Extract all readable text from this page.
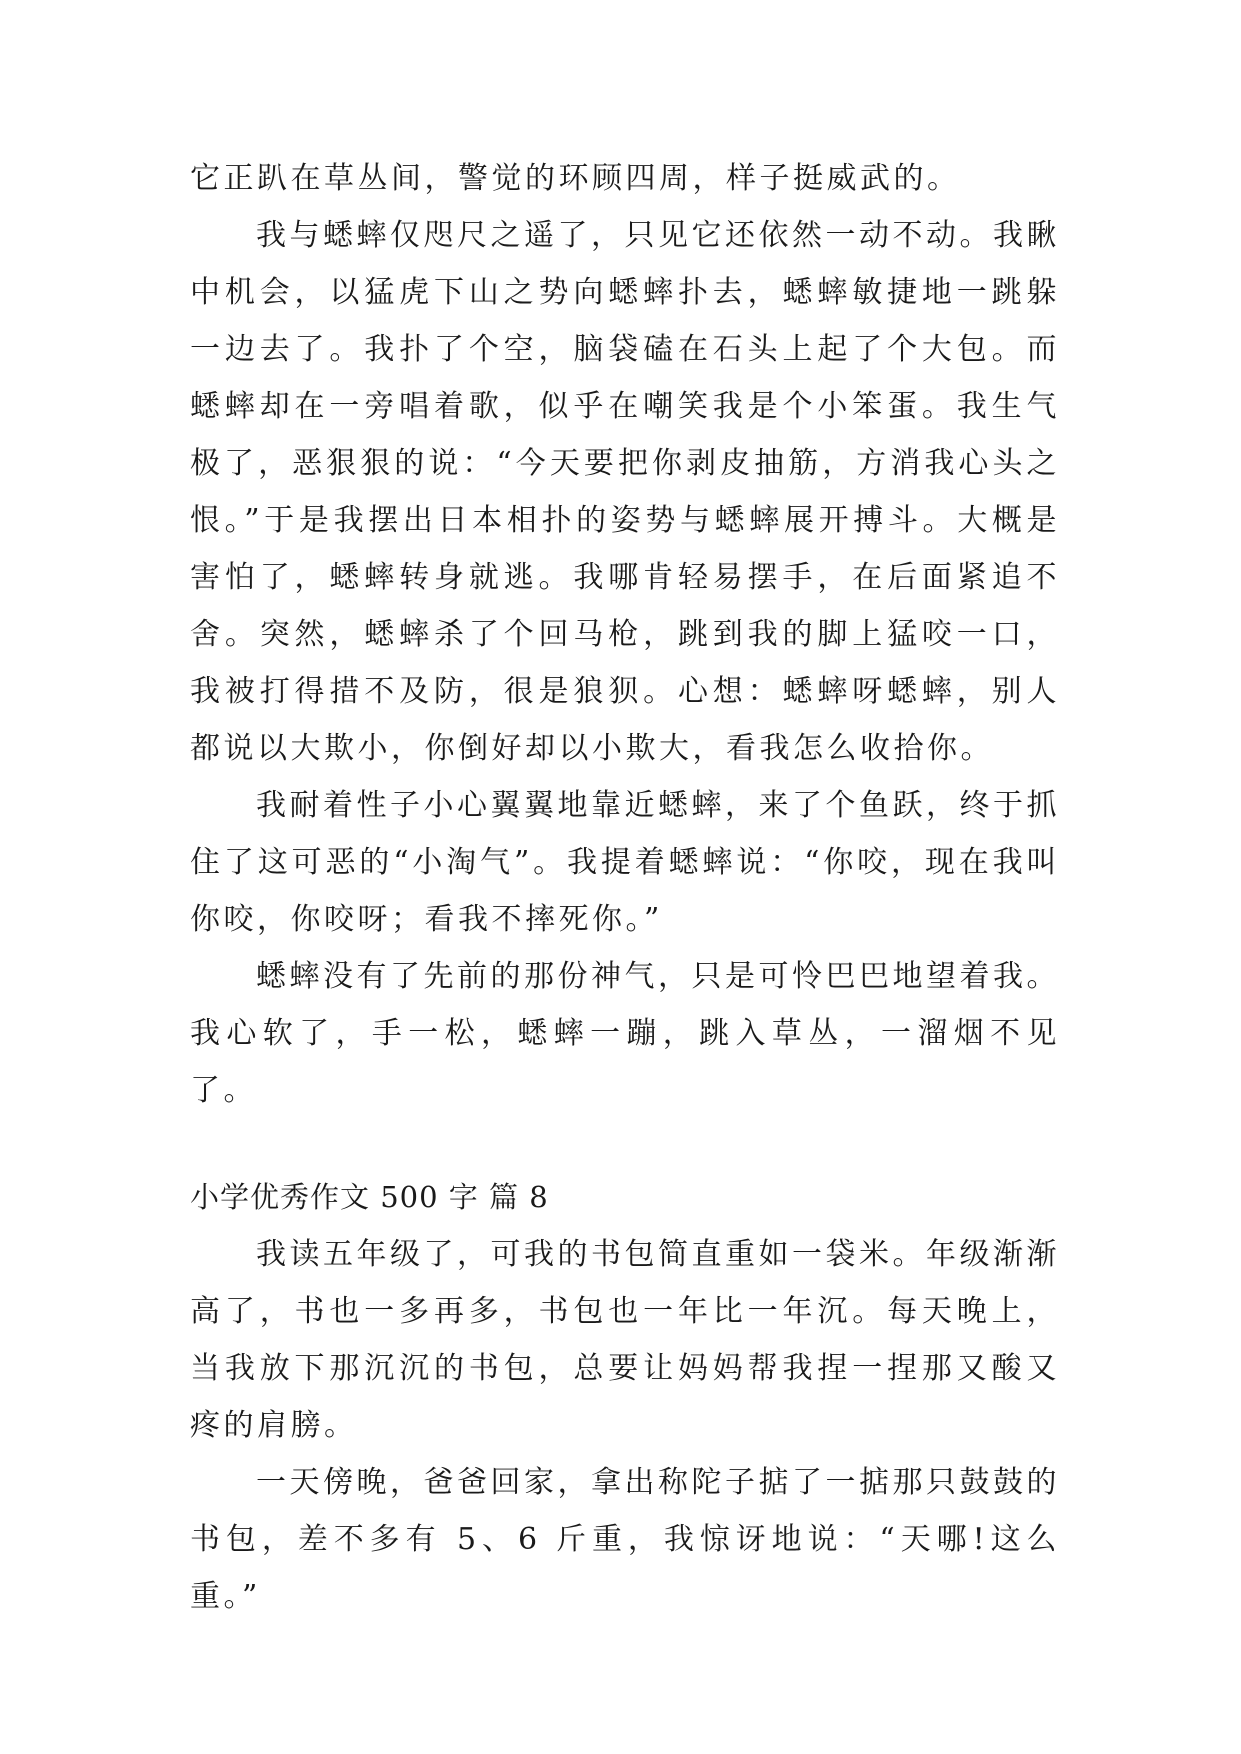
它正趴在草丛间，警觉的环顾四周，样子挺威武的。

我与蟋蟀仅咫尺之遥了，只见它还依然一动不动。我瞅中机会，以猛虎下山之势向蟋蟀扑去，蟋蟀敏捷地一跳躲一边去了。我扑了个空，脑袋磕在石头上起了个大包。而蟋蟀却在一旁唱着歌，似乎在嘲笑我是个小笨蛋。我生气极了，恶狠狠的说：“今天要把你剥皮抽筋，方消我心头之恨。”于是我摆出日本相扑的姿势与蟋蟀展开搏斗。大概是害怕了，蟋蟀转身就逃。我哪肯轻易摆手，在后面紧追不舍。突然，蟋蟀杀了个回马枪，跳到我的脚上猛咬一口，我被打得措不及防，很是狼狈。心想：蟋蟀呀蟋蟀，别人都说以大欺小，你倒好却以小欺大，看我怎么收拾你。

我耐着性子小心翼翼地靠近蟋蟀，来了个鱼跃，终于抓住了这可恶的“小淘气”。我提着蟋蟀说：“你咬，现在我叫你咬，你咬呀；看我不摔死你。”

蟋蟀没有了先前的那份神气，只是可怜巴巴地望着我。我心软了，手一松，蟋蟀一蹦，跳入草丛，一溜烟不见了。

小学优秀作文 500 字 篇 8

我读五年级了，可我的书包简直重如一袋米。年级渐渐高了，书也一多再多，书包也一年比一年沉。每天晚上，当我放下那沉沉的书包，总要让妈妈帮我捏一捏那又酸又疼的肩膀。

一天傍晚，爸爸回家，拿出称陀子掂了一掂那只鼓鼓的书包，差不多有 5、6 斤重，我惊讶地说：“天哪!这么重。”
